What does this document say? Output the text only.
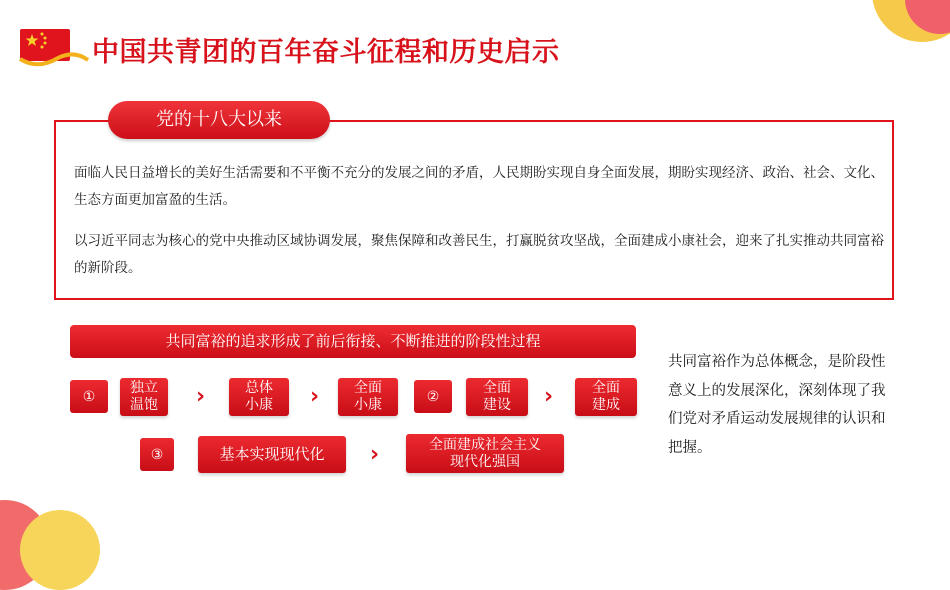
中国共青团的百年奋斗征程和历史启示
党的十八大以来
面临人民日益增长的美好生活需要和不平衡不充分的发展之间的矛盾，人民期盼实现自身全面发展，期盼实现经济、政治、社会、文化、生态方面更加富盈的生活。
以习近平同志为核心的党中央推动区域协调发展，聚焦保障和改善民生，打赢脱贫攻坚战，全面建成小康社会，迎来了扎实推动共同富裕的新阶段。
共同富裕的追求形成了前后衔接、不断推进的阶段性过程
①
独立
温饱	›	总体
小康	›	全面
小康
②
全面
建设	›	全面
建成
③	基本实现现代化	›	全面建成社会主义
现代化强国
共同富裕作为总体概念，是阶段性意义上的发展深化，深刻体现了我们党对矛盾运动发展规律的认识和把握。
